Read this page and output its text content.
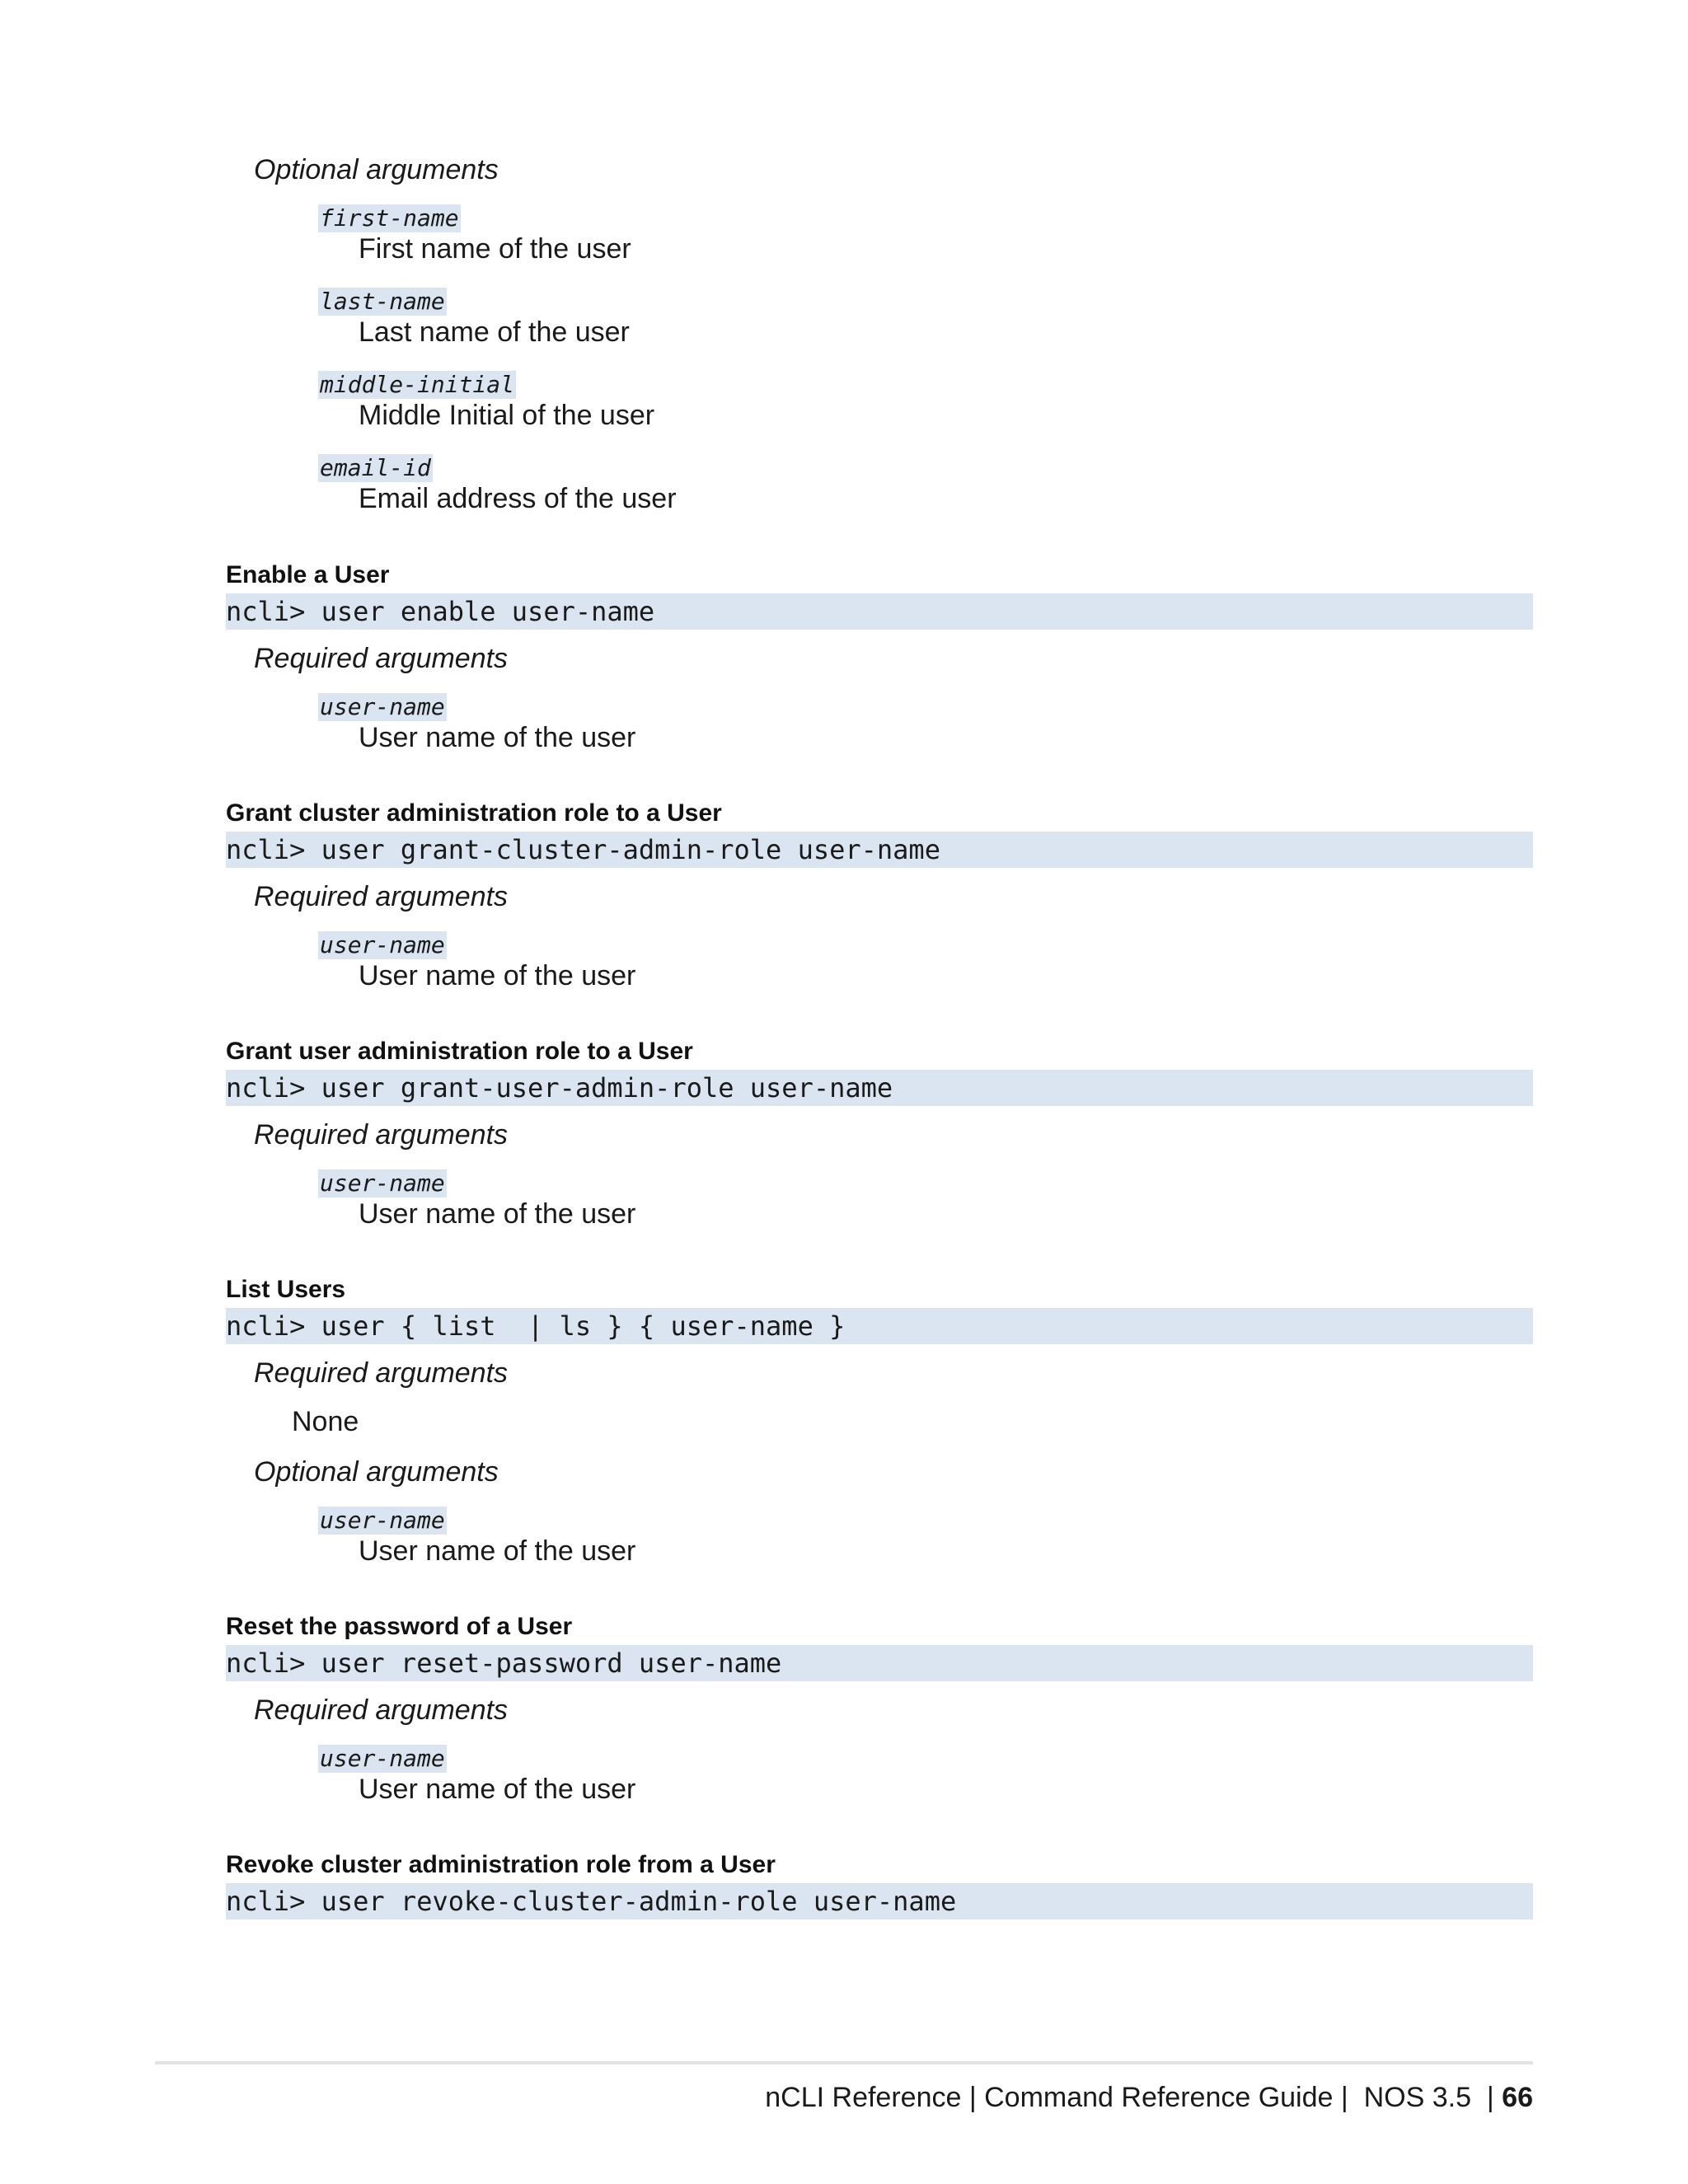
Optional arguments
first-name
First name of the user
last-name
Last name of the user
middle-initial
Middle Initial of the user
email-id
Email address of the user
Enable a User
ncli> user enable user-name
Required arguments
user-name
User name of the user
Grant cluster administration role to a User
ncli> user grant-cluster-admin-role user-name
Required arguments
user-name
User name of the user
Grant user administration role to a User
ncli> user grant-user-admin-role user-name
Required arguments
user-name
User name of the user
List Users
ncli> user { list  | ls } { user-name }
Required arguments
None
Optional arguments
user-name
User name of the user
Reset the password of a User
ncli> user reset-password user-name
Required arguments
user-name
User name of the user
Revoke cluster administration role from a User
ncli> user revoke-cluster-admin-role user-name
nCLI Reference | Command Reference Guide |  NOS 3.5  | 66
